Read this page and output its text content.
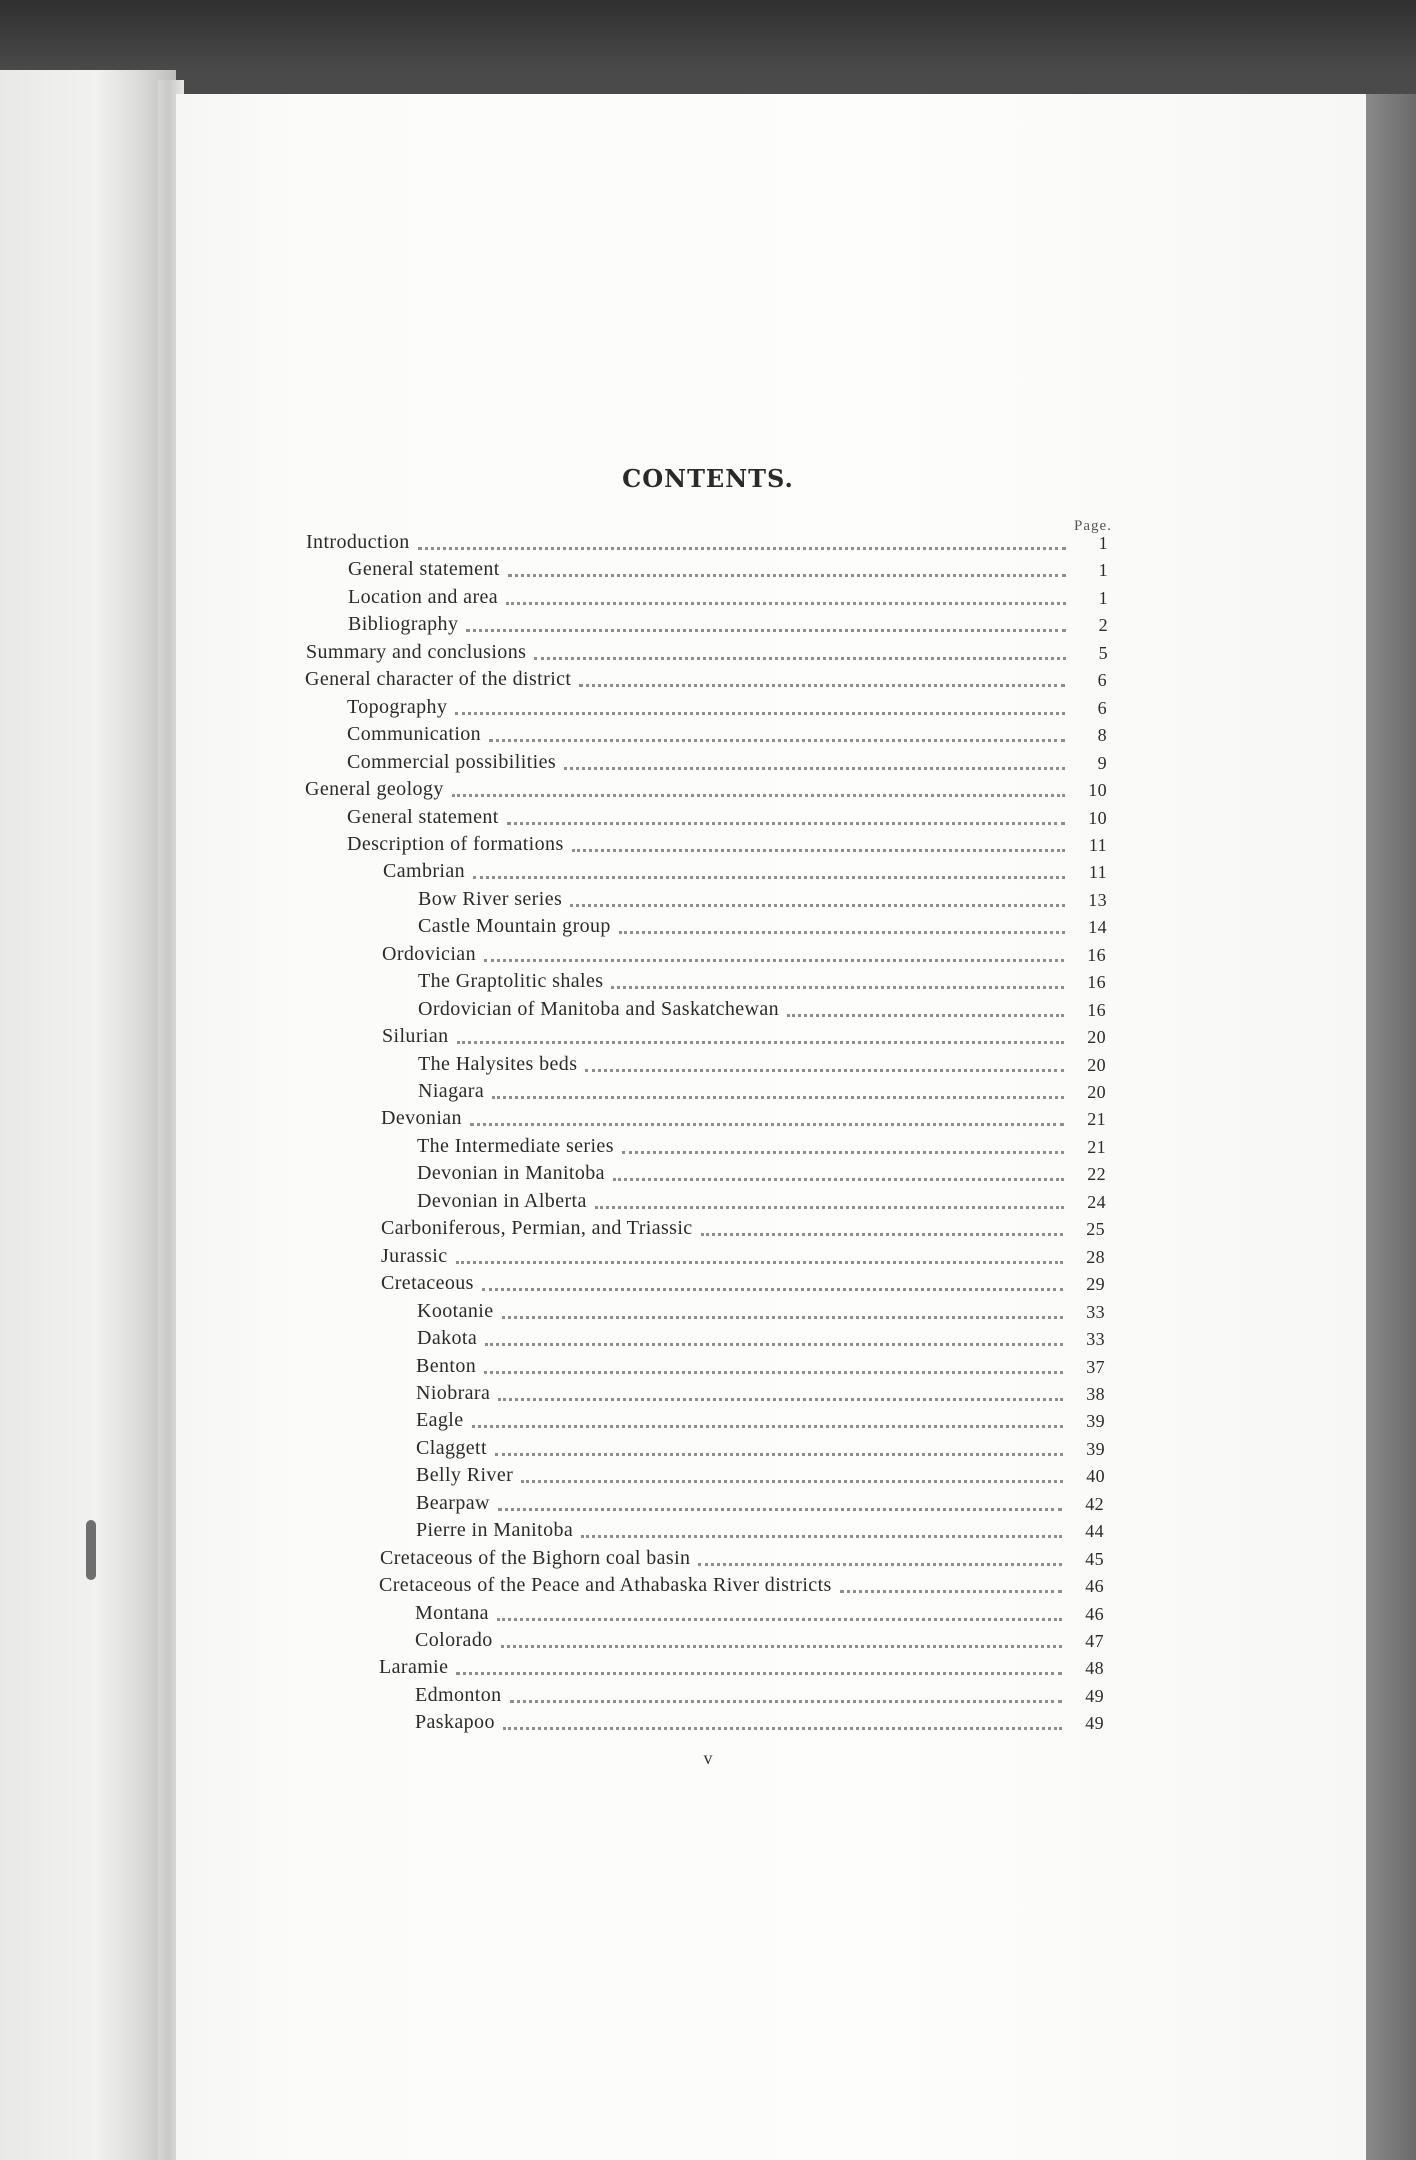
CONTENTS.
Page.
Introduction	1
General statement	1
Location and area	1
Bibliography	2
Summary and conclusions	5
General character of the district	6
Topography	6
Communication	8
Commercial possibilities	9
General geology	10
General statement	10
Description of formations	11
Cambrian	11
Bow River series	13
Castle Mountain group	14
Ordovician	16
The Graptolitic shales	16
Ordovician of Manitoba and Saskatchewan	16
Silurian	20
The Halysites beds	20
Niagara	20
Devonian	21
The Intermediate series	21
Devonian in Manitoba	22
Devonian in Alberta	24
Carboniferous, Permian, and Triassic	25
Jurassic	28
Cretaceous	29
Kootanie	33
Dakota	33
Benton	37
Niobrara	38
Eagle	39
Claggett	39
Belly River	40
Bearpaw	42
Pierre in Manitoba	44
Cretaceous of the Bighorn coal basin	45
Cretaceous of the Peace and Athabaska River districts	46
Montana	46
Colorado	47
Laramie	48
Edmonton	49
Paskapoo	49
v
